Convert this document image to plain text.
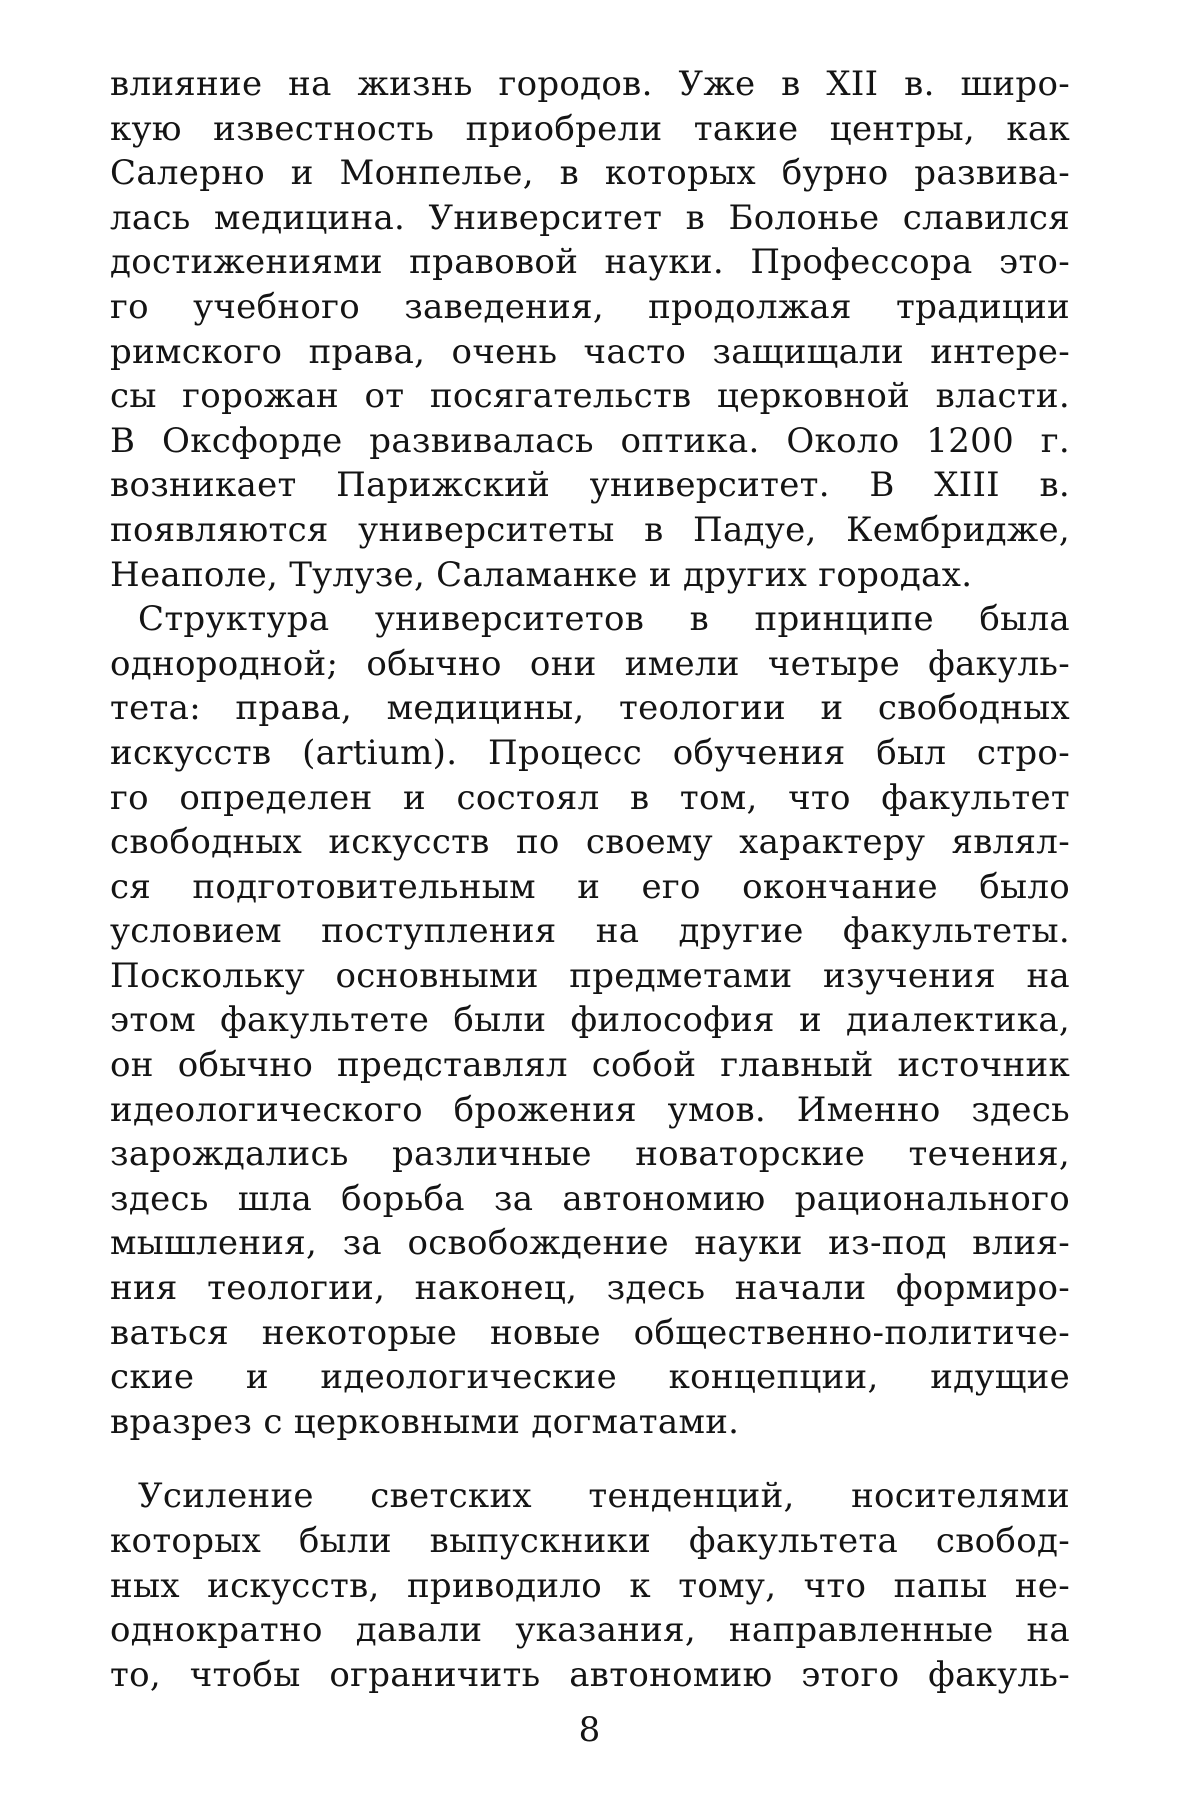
влияние на жизнь городов. Уже в XII в. широ-
кую известность приобрели такие центры, как
Салерно и Монпелье, в которых бурно развива-
лась медицина. Университет в Болонье славился
достижениями правовой науки. Профессора это-
го учебного заведения, продолжая традиции
римского права, очень часто защищали интере-
сы горожан от посягательств церковной власти.
В Оксфорде развивалась оптика. Около 1200 г.
возникает Парижский университет. В XIII в.
появляются университеты в Падуе, Кембридже,
Неаполе, Тулузе, Саламанке и других городах.
Структура университетов в принципе была
однородной; обычно они имели четыре факуль-
тета: права, медицины, теологии и свободных
искусств (artium). Процесс обучения был стро-
го определен и состоял в том, что факультет
свободных искусств по своему характеру являл-
ся подготовительным и его окончание было
условием поступления на другие факультеты.
Поскольку основными предметами изучения на
этом факультете были философия и диалектика,
он обычно представлял собой главный источник
идеологического брожения умов. Именно здесь
зарождались различные новаторские течения,
здесь шла борьба за автономию рационального
мышления, за освобождение науки из-под влия-
ния теологии, наконец, здесь начали формиро-
ваться некоторые новые общественно-политиче-
ские и идеологические концепции, идущие
вразрез с церковными догматами.
Усиление светских тенденций, носителями
которых были выпускники факультета свобод-
ных искусств, приводило к тому, что папы не-
однократно давали указания, направленные на
то, чтобы ограничить автономию этого факуль-
8
